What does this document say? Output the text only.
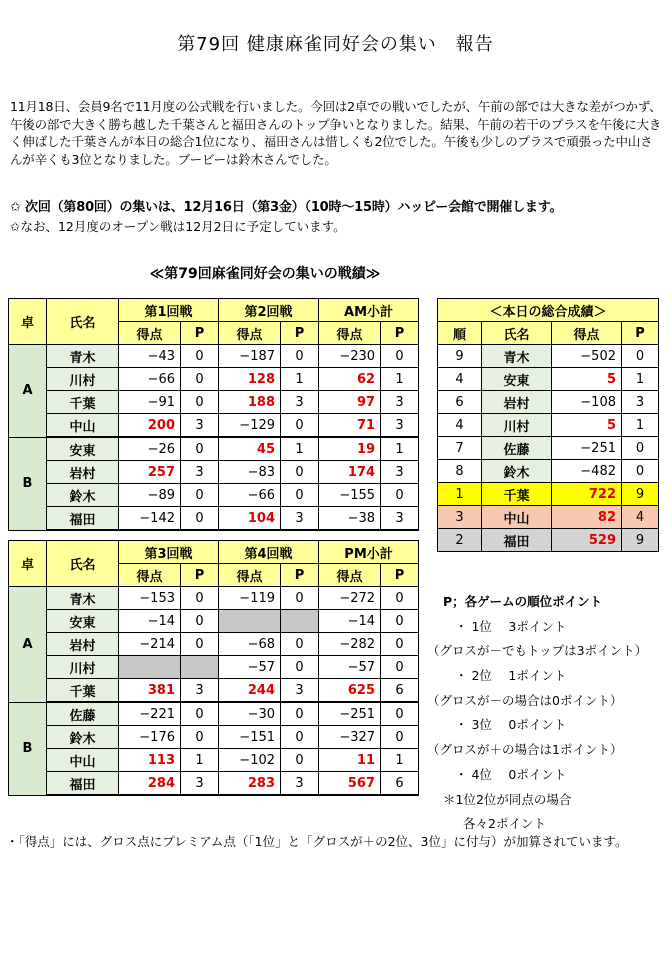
第79回 健康麻雀同好会の集い　報告
11月18日、会員9名で11月度の公式戦を行いました。今回は2卓での戦いでしたが、午前の部では大きな差がつかず、午後の部で大きく勝ち越した千葉さんと福田さんのトップ争いとなりました。結果、午前の若干のプラスを午後に大きく伸ばした千葉さんが本日の総合1位になり、福田さんは惜しくも2位でした。午後も少しのプラスで頑張った中山さんが辛くも3位となりました。ブービーは鈴木さんでした。
✩ 次回（第80回）の集いは、12月16日（第3金）（10時～15時）ハッピー会館で開催します。
✩なお、12月度のオープン戦は12月2日に予定しています。
≪第79回麻雀同好会の集いの戦績≫
卓	氏名	第1回戦		第2回戦		AM小計	
		得点	P	得点	P	得点	P
A	青木	−43	0	−187	0	−230	0
	川村	−66	0	128	1	62	1
	千葉	−91	0	188	3	97	3
	中山	200	3	−129	0	71	3
B	安東	−26	0	45	1	19	1
	岩村	257	3	−83	0	174	3
	鈴木	−89	0	−66	0	−155	0
	福田	−142	0	104	3	−38	3
卓	氏名	第3回戦		第4回戦		PM小計	
		得点	P	得点	P	得点	P
A	青木	−153	0	−119	0	−272	0
	安東	−14	0			−14	0
	岩村	−214	0	−68	0	−282	0
	川村			−57	0	−57	0
	千葉	381	3	244	3	625	6
B	佐藤	−221	0	−30	0	−251	0
	鈴木	−176	0	−151	0	−327	0
	中山	113	1	−102	0	11	1
	福田	284	3	283	3	567	6
＜本日の総合成績＞			
順	氏名	得点	P
9	青木	−502	0
4	安東	5	1
6	岩村	−108	3
4	川村	5	1
7	佐藤	−251	0
8	鈴木	−482	0
1	千葉	722	9
3	中山	82	4
2	福田	529	9
P；各ゲームの順位ポイント
・ 1位　 3ポイント
（グロスが－でもトップは3ポイント）
・ 2位　 1ポイント
（グロスが－の場合は0ポイント）
・ 3位　 0ポイント
（グロスが＋の場合は1ポイント）
・ 4位　 0ポイント
＊1位2位が同点の場合
各々2ポイント
・「得点」には、グロス点にプレミアム点（「1位」と「グロスが＋の2位、3位」に付与）が加算されています。
